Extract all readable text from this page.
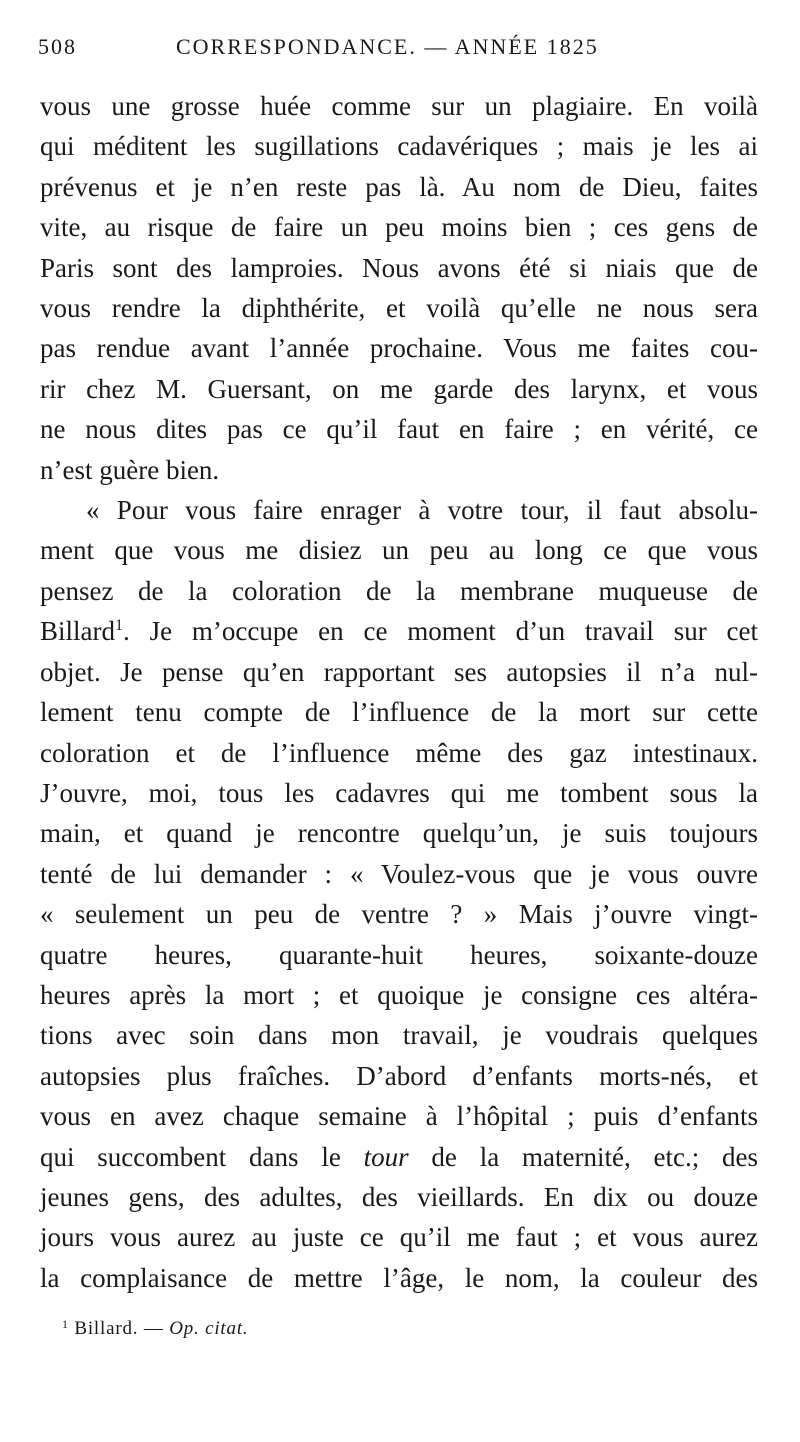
508	CORRESPONDANCE. — ANNÉE 1825

vous une grosse huée comme sur un plagiaire. En voilà

qui méditent les sugillations cadavériques ; mais je les ai

prévenus et je n’en reste pas là. Au nom de Dieu, faites

vite, au risque de faire un peu moins bien ; ces gens de

Paris sont des lamproies. Nous avons été si niais que de

vous rendre la diphthérite, et voilà qu’elle ne nous sera

pas rendue avant l’année prochaine. Vous me faites cou-

rir chez M. Guersant, on me garde des larynx, et vous

ne nous dites pas ce qu’il faut en faire ; en vérité, ce

n’est guère bien.

« Pour vous faire enrager à votre tour, il faut absolu-

ment que vous me disiez un peu au long ce que vous

pensez de la coloration de la membrane muqueuse de

Billard$^1$. Je m’occupe en ce moment d’un travail sur cet

objet. Je pense qu’en rapportant ses autopsies il n’a nul-

lement tenu compte de l’influence de la mort sur cette

coloration et de l’influence même des gaz intestinaux.

J’ouvre, moi, tous les cadavres qui me tombent sous la

main, et quand je rencontre quelqu’un, je suis toujours

tenté de lui demander : « Voulez-vous que je vous ouvre

« seulement un peu de ventre ? » Mais j’ouvre vingt-

quatre heures, quarante-huit heures, soixante-douze

heures après la mort ; et quoique je consigne ces altéra-

tions avec soin dans mon travail, je voudrais quelques

autopsies plus fraîches. D’abord d’enfants morts-nés, et

vous en avez chaque semaine à l’hôpital ; puis d’enfants

qui succombent dans le tour de la maternité, etc.; des

jeunes gens, des adultes, des vieillards. En dix ou douze

jours vous aurez au juste ce qu’il me faut ; et vous aurez

la complaisance de mettre l’âge, le nom, la couleur des

$^1$ Billard. — Op. citat.
